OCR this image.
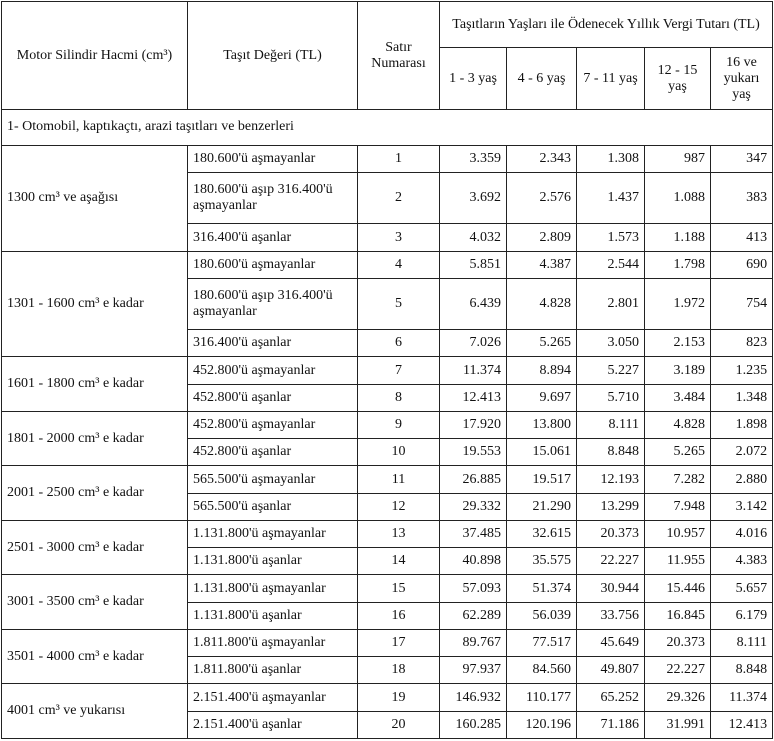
Motor Silindir Hacmi (cm³)	Taşıt Değeri (TL)	Satır Numarası	Taşıtların Yaşları ile Ödenecek Yıllık Vergi Tutarı (TL)				
			1 - 3 yaş	4 - 6 yaş	7 - 11 yaş	12 - 15 yaş	16 ve yukarı yaş
1- Otomobil, kaptıkaçtı, arazi taşıtları ve benzerleri							
1300 cm³ ve aşağısı	180.600'ü aşmayanlar	1	3.359	2.343	1.308	987	347
	180.600'ü aşıp 316.400'ü aşmayanlar	2	3.692	2.576	1.437	1.088	383
	316.400'ü aşanlar	3	4.032	2.809	1.573	1.188	413
1301 - 1600 cm³ e kadar	180.600'ü aşmayanlar	4	5.851	4.387	2.544	1.798	690
	180.600'ü aşıp 316.400'ü aşmayanlar	5	6.439	4.828	2.801	1.972	754
	316.400'ü aşanlar	6	7.026	5.265	3.050	2.153	823
1601 - 1800 cm³ e kadar	452.800'ü aşmayanlar	7	11.374	8.894	5.227	3.189	1.235
	452.800'ü aşanlar	8	12.413	9.697	5.710	3.484	1.348
1801 - 2000 cm³ e kadar	452.800'ü aşmayanlar	9	17.920	13.800	8.111	4.828	1.898
	452.800'ü aşanlar	10	19.553	15.061	8.848	5.265	2.072
2001 - 2500 cm³ e kadar	565.500'ü aşmayanlar	11	26.885	19.517	12.193	7.282	2.880
	565.500'ü aşanlar	12	29.332	21.290	13.299	7.948	3.142
2501 - 3000 cm³ e kadar	1.131.800'ü aşmayanlar	13	37.485	32.615	20.373	10.957	4.016
	1.131.800'ü aşanlar	14	40.898	35.575	22.227	11.955	4.383
3001 - 3500 cm³ e kadar	1.131.800'ü aşmayanlar	15	57.093	51.374	30.944	15.446	5.657
	1.131.800'ü aşanlar	16	62.289	56.039	33.756	16.845	6.179
3501 - 4000 cm³ e kadar	1.811.800'ü aşmayanlar	17	89.767	77.517	45.649	20.373	8.111
	1.811.800'ü aşanlar	18	97.937	84.560	49.807	22.227	8.848
4001 cm³ ve yukarısı	2.151.400'ü aşmayanlar	19	146.932	110.177	65.252	29.326	11.374
	2.151.400'ü aşanlar	20	160.285	120.196	71.186	31.991	12.413
